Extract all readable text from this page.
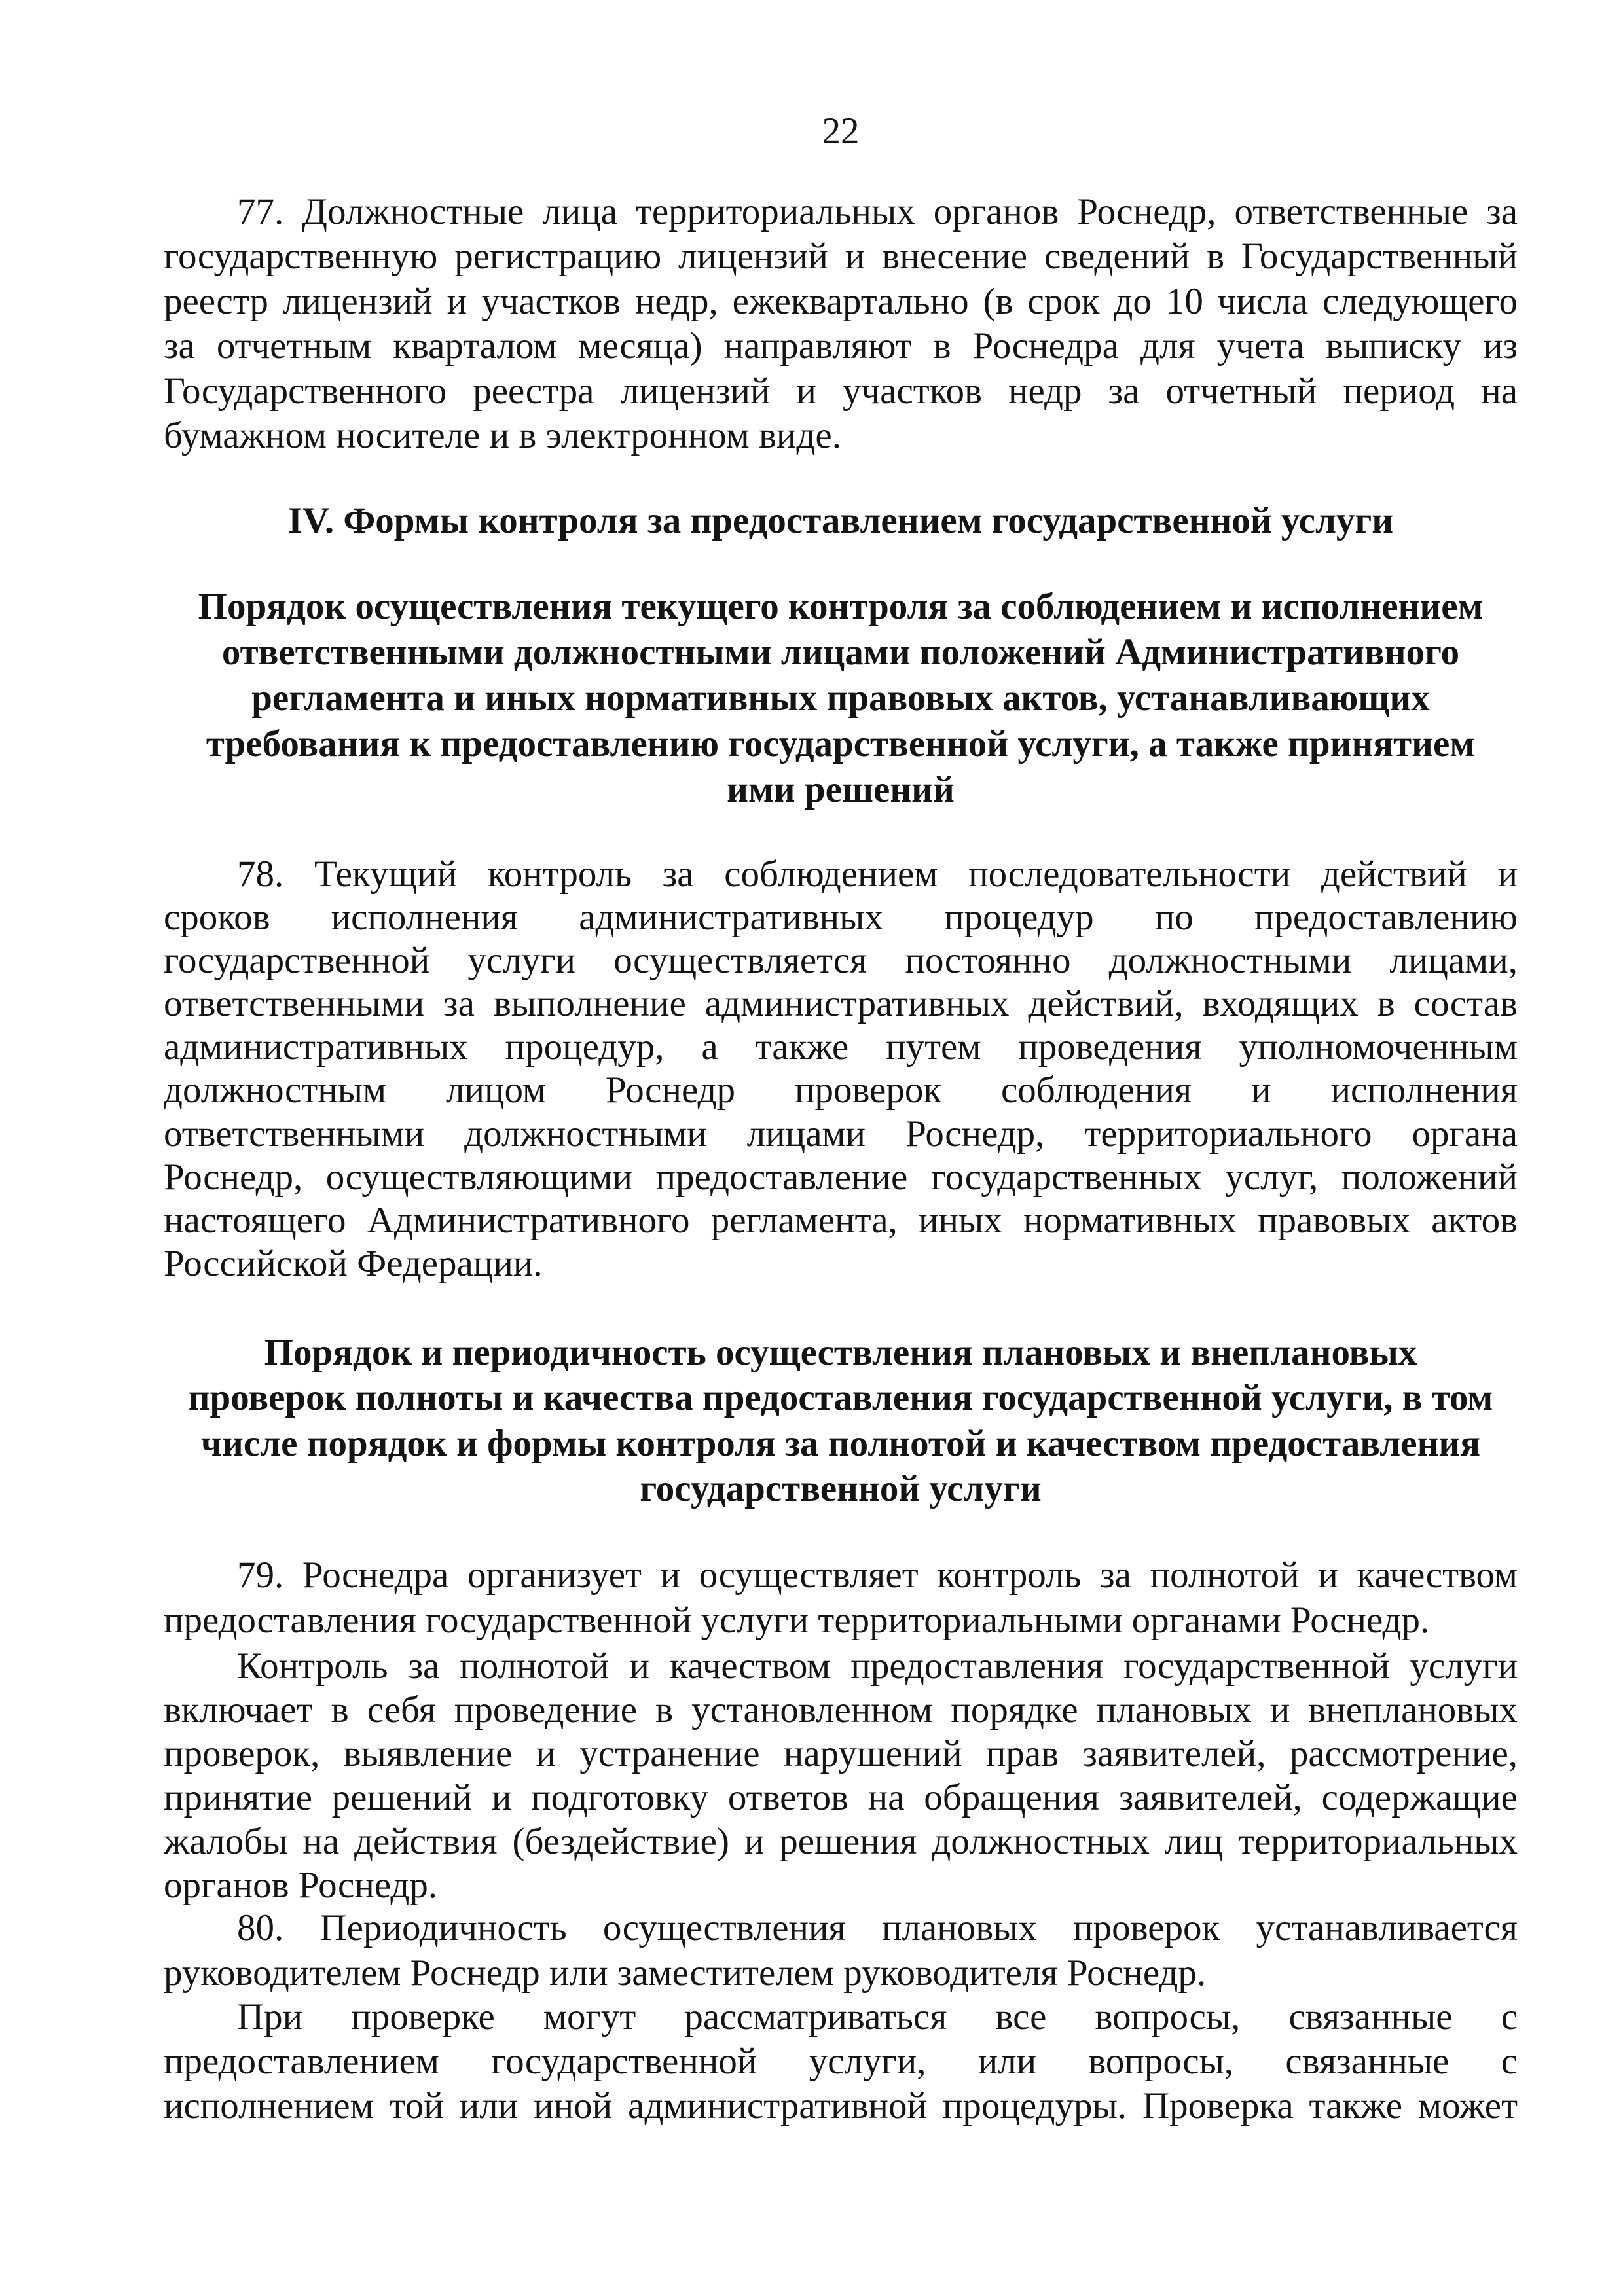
22
77. Должностные лица территориальных органов Роснедр, ответственные за
государственную регистрацию лицензий и внесение сведений в Государственный
реестр лицензий и участков недр, ежеквартально (в срок до 10 числа следующего
за отчетным кварталом месяца) направляют в Роснедра для учета выписку из
Государственного реестра лицензий и участков недр за отчетный период на
бумажном носителе и в электронном виде.
IV. Формы контроля за предоставлением государственной услуги
Порядок осуществления текущего контроля за соблюдением и исполнением
ответственными должностными лицами положений Административного
регламента и иных нормативных правовых актов, устанавливающих
требования к предоставлению государственной услуги, а также принятием
ими решений
78. Текущий контроль за соблюдением последовательности действий и
сроков исполнения административных процедур по предоставлению
государственной услуги осуществляется постоянно должностными лицами,
ответственными за выполнение административных действий, входящих в состав
административных процедур, а также путем проведения уполномоченным
должностным лицом Роснедр проверок соблюдения и исполнения
ответственными должностными лицами Роснедр, территориального органа
Роснедр, осуществляющими предоставление государственных услуг, положений
настоящего Административного регламента, иных нормативных правовых актов
Российской Федерации.
Порядок и периодичность осуществления плановых и внеплановых
проверок полноты и качества предоставления государственной услуги, в том
числе порядок и формы контроля за полнотой и качеством предоставления
государственной услуги
79. Роснедра организует и осуществляет контроль за полнотой и качеством
предоставления государственной услуги территориальными органами Роснедр.
Контроль за полнотой и качеством предоставления государственной услуги
включает в себя проведение в установленном порядке плановых и внеплановых
проверок, выявление и устранение нарушений прав заявителей, рассмотрение,
принятие решений и подготовку ответов на обращения заявителей, содержащие
жалобы на действия (бездействие) и решения должностных лиц территориальных
органов Роснедр.
80. Периодичность осуществления плановых проверок устанавливается
руководителем Роснедр или заместителем руководителя Роснедр.
При проверке могут рассматриваться все вопросы, связанные с
предоставлением государственной услуги, или вопросы, связанные с
исполнением той или иной административной процедуры. Проверка также может
